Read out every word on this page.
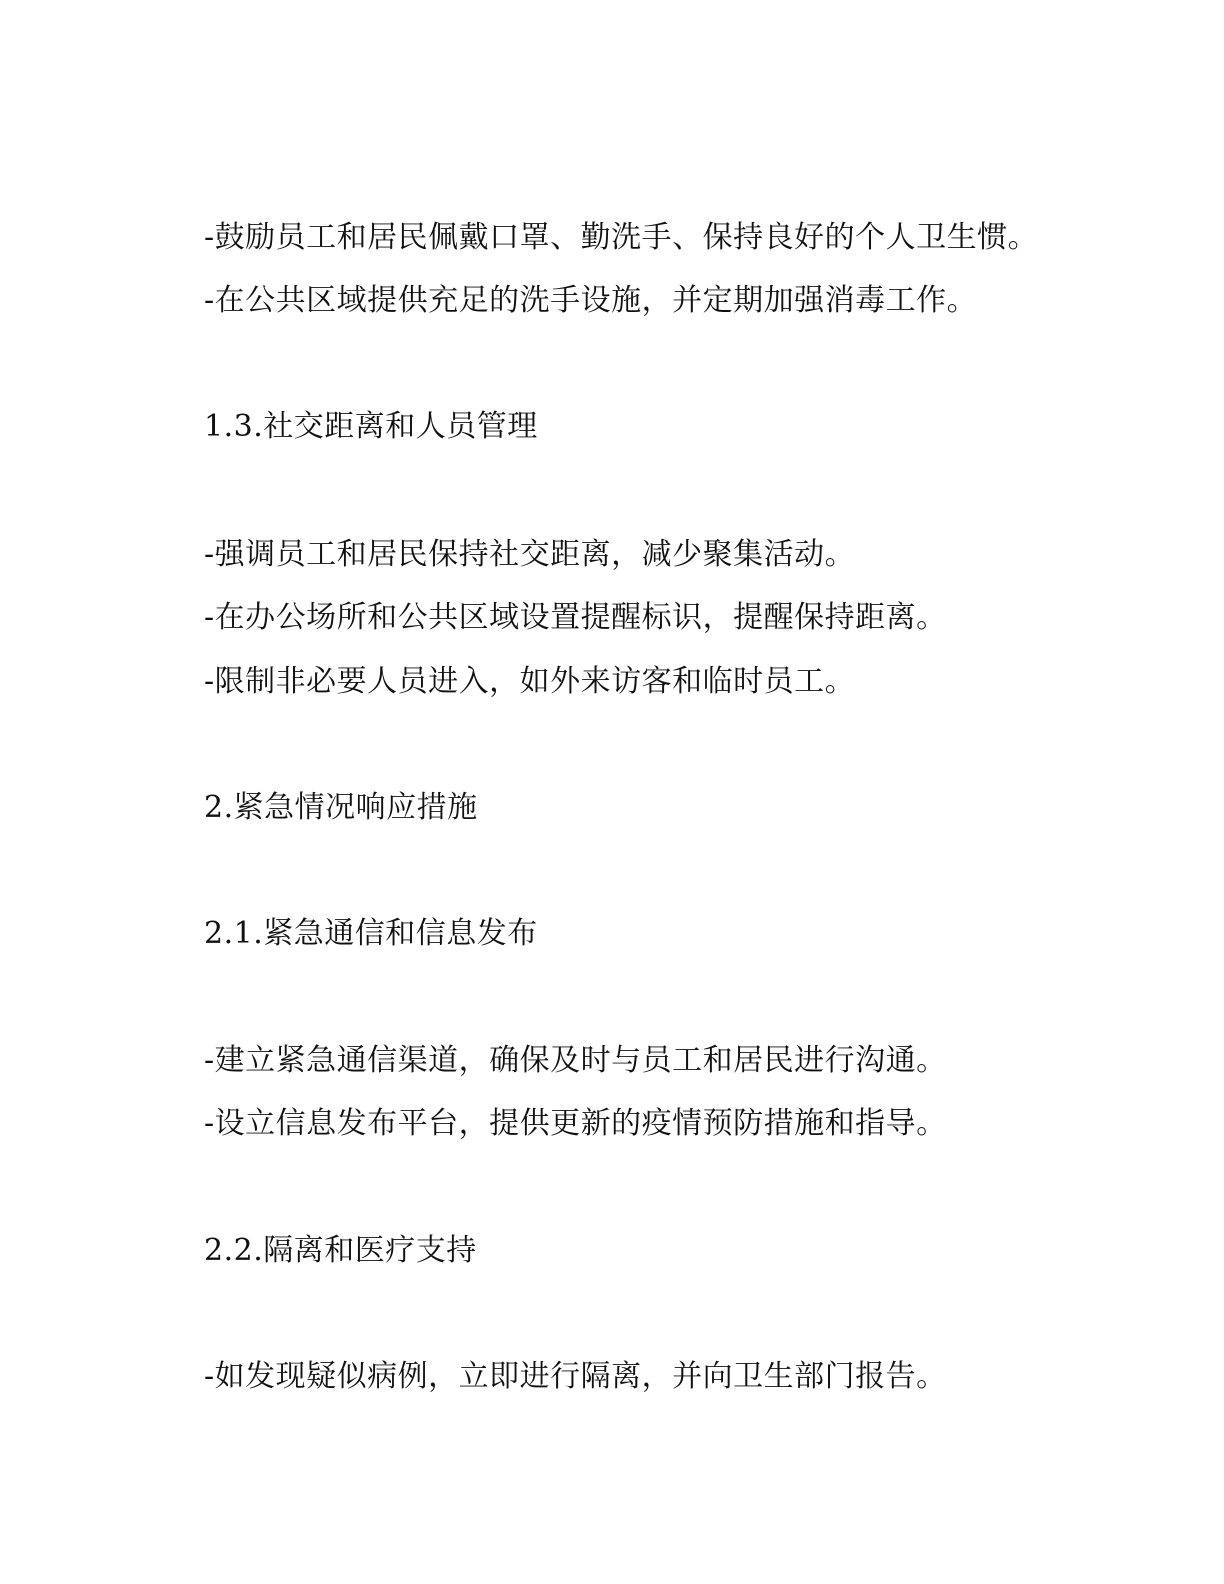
-鼓励员工和居民佩戴口罩、勤洗手、保持良好的个人卫生惯。
-在公共区域提供充足的洗手设施，并定期加强消毒工作。
1.3.社交距离和人员管理
-强调员工和居民保持社交距离，减少聚集活动。
-在办公场所和公共区域设置提醒标识，提醒保持距离。
-限制非必要人员进入，如外来访客和临时员工。
2.紧急情况响应措施
2.1.紧急通信和信息发布
-建立紧急通信渠道，确保及时与员工和居民进行沟通。
-设立信息发布平台，提供更新的疫情预防措施和指导。
2.2.隔离和医疗支持
-如发现疑似病例，立即进行隔离，并向卫生部门报告。
